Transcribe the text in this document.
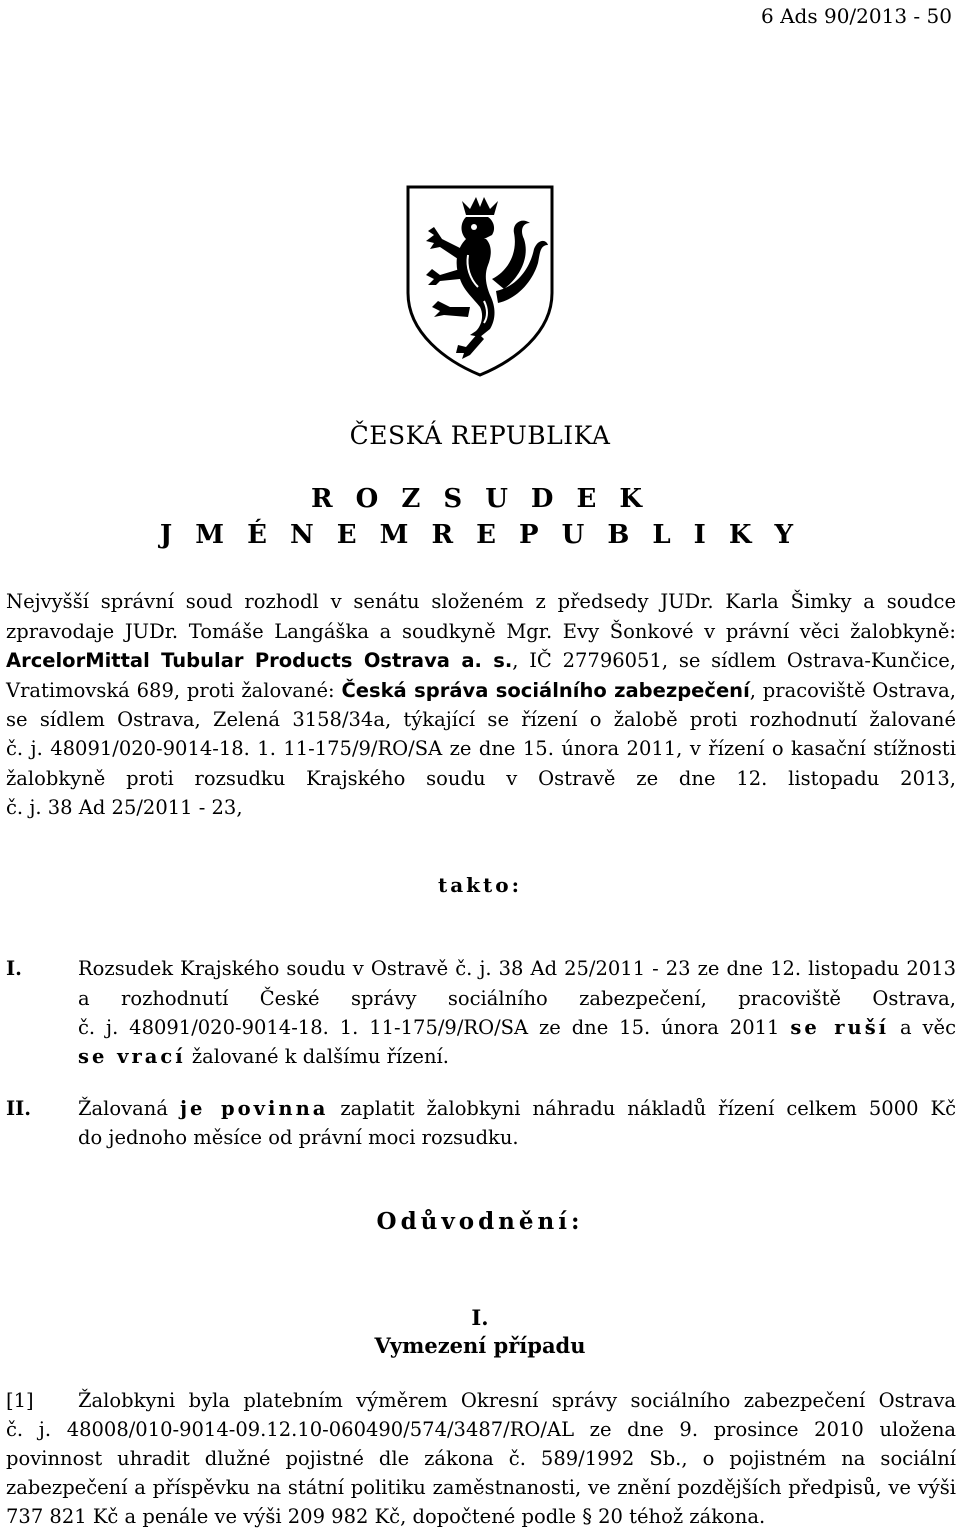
6 Ads 90/2013 - 50
ČESKÁ REPUBLIKA
R O Z S U D E K
J M É N E M R E P U B L I K Y
Nejvyšší správní soud rozhodl v senátu složeném z předsedy JUDr. Karla Šimky a soudce
zpravodaje JUDr. Tomáše Langáška a soudkyně Mgr. Evy Šonkové v právní věci žalobkyně:
ArcelorMittal Tubular Products Ostrava a. s., IČ 27796051, se sídlem Ostrava-Kunčice,
Vratimovská 689, proti žalované: Česká správa sociálního zabezpečení, pracoviště Ostrava,
se sídlem Ostrava, Zelená 3158/34a, týkající se řízení o žalobě proti rozhodnutí žalované
č. j. 48091/020-9014-18. 1. 11-175/9/RO/SA ze dne 15. února 2011, v řízení o kasační stížnosti
žalobkyně proti rozsudku Krajského soudu v Ostravě ze dne 12. listopadu 2013,
č. j. 38 Ad 25/2011 - 23,
takto:
I.	Rozsudek Krajského soudu v Ostravě č. j. 38 Ad 25/2011 - 23 ze dne 12. listopadu 2013
a rozhodnutí České správy sociálního zabezpečení, pracoviště Ostrava,
č. j. 48091/020-9014-18. 1. 11-175/9/RO/SA ze dne 15. února 2011 se ruší a věc
se vrací žalované k dalšímu řízení.
II. Žalovaná je povinna zaplatit žalobkyni náhradu nákladů řízení celkem 5000 Kč
do jednoho měsíce od právní moci rozsudku.
Odůvodnění:
I.
Vymezení případu
[1] Žalobkyni byla platebním výměrem Okresní správy sociálního zabezpečení Ostrava
č. j. 48008/010-9014-09.12.10-060490/574/3487/RO/AL ze dne 9. prosince 2010 uložena
povinnost uhradit dlužné pojistné dle zákona č. 589/1992 Sb., o pojistném na sociální
zabezpečení a příspěvku na státní politiku zaměstnanosti, ve znění pozdějších předpisů, ve výši
737 821 Kč a penále ve výši 209 982 Kč, dopočtené podle § 20 téhož zákona.
